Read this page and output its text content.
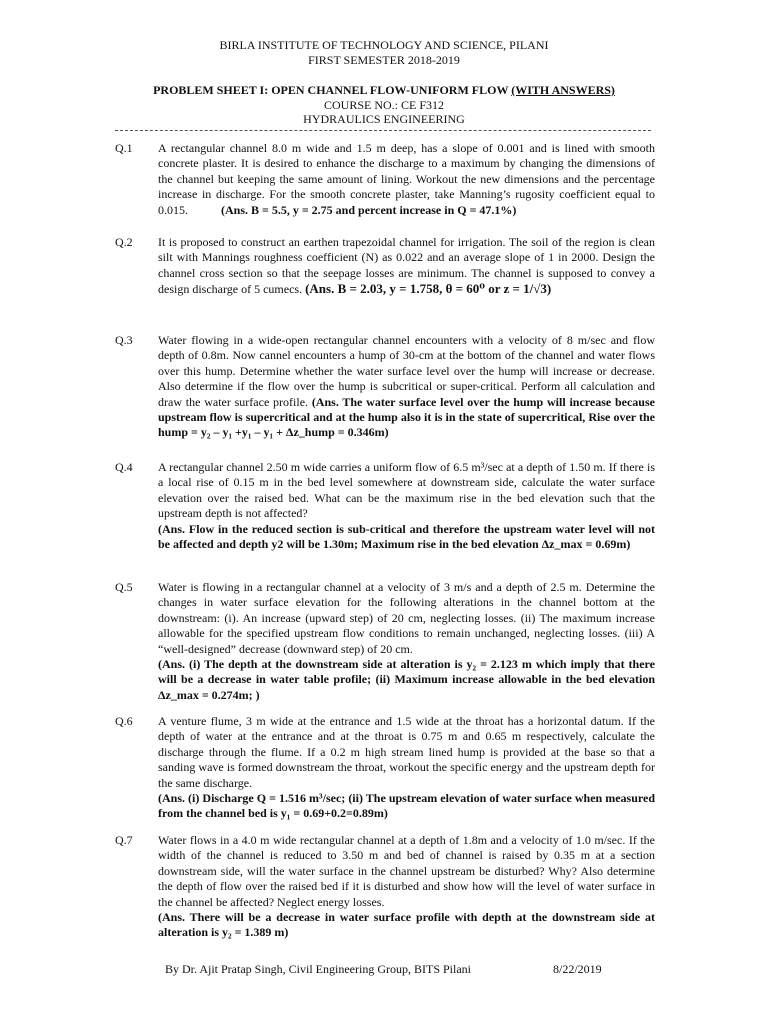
BIRLA INSTITUTE OF TECHNOLOGY AND SCIENCE, PILANI
FIRST SEMESTER 2018-2019
PROBLEM SHEET I: OPEN CHANNEL FLOW-UNIFORM FLOW (WITH ANSWERS)
COURSE NO.: CE F312
HYDRAULICS ENGINEERING
Q.1	A rectangular channel 8.0 m wide and 1.5 m deep, has a slope of 0.001 and is lined with smooth concrete plaster. It is desired to enhance the discharge to a maximum by changing the dimensions of the channel but keeping the same amount of lining. Workout the new dimensions and the percentage increase in discharge. For the smooth concrete plaster, take Manning’s rugosity coefficient equal to 0.015.	(Ans. B = 5.5, y = 2.75 and percent increase in Q = 47.1%)
Q.2	It is proposed to construct an earthen trapezoidal channel for irrigation. The soil of the region is clean silt with Mannings roughness coefficient (N) as 0.022 and an average slope of 1 in 2000. Design the channel cross section so that the seepage losses are minimum. The channel is supposed to convey a design discharge of 5 cumecs. (Ans. B = 2.03, y = 1.758, θ = 60⁰ or z = 1/√3)
Q.3	Water flowing in a wide-open rectangular channel encounters with a velocity of 8 m/sec and flow depth of 0.8m. Now cannel encounters a hump of 30-cm at the bottom of the channel and water flows over this hump. Determine whether the water surface level over the hump will increase or decrease. Also determine if the flow over the hump is subcritical or super-critical. Perform all calculation and draw the water surface profile. (Ans. The water surface level over the hump will increase because upstream flow is supercritical and at the hump also it is in the state of supercritical, Rise over the hump = y₂ – y₁ +y₁ – y₁ + Δz_hump = 0.346m)
Q.4	A rectangular channel 2.50 m wide carries a uniform flow of 6.5 m³/sec at a depth of 1.50 m. If there is a local rise of 0.15 m in the bed level somewhere at downstream side, calculate the water surface elevation over the raised bed. What can be the maximum rise in the bed elevation such that the upstream depth is not affected?
(Ans. Flow in the reduced section is sub-critical and therefore the upstream water level will not be affected and depth y2 will be 1.30m; Maximum rise in the bed elevation Δz_max = 0.69m)
Q.5	Water is flowing in a rectangular channel at a velocity of 3 m/s and a depth of 2.5 m. Determine the changes in water surface elevation for the following alterations in the channel bottom at the downstream: (i). An increase (upward step) of 20 cm, neglecting losses. (ii) The maximum increase allowable for the specified upstream flow conditions to remain unchanged, neglecting losses. (iii) A “well-designed” decrease (downward step) of 20 cm.
(Ans. (i) The depth at the downstream side at alteration is y₂ = 2.123 m which imply that there will be a decrease in water table profile; (ii) Maximum increase allowable in the bed elevation Δz_max = 0.274m; )
Q.6	A venture flume, 3 m wide at the entrance and 1.5 wide at the throat has a horizontal datum. If the depth of water at the entrance and at the throat is 0.75 m and 0.65 m respectively, calculate the discharge through the flume. If a 0.2 m high stream lined hump is provided at the base so that a sanding wave is formed downstream the throat, workout the specific energy and the upstream depth for the same discharge.
(Ans. (i) Discharge Q = 1.516 m³/sec; (ii) The upstream elevation of water surface when measured from the channel bed is y₁ = 0.69+0.2=0.89m)
Q.7	Water flows in a 4.0 m wide rectangular channel at a depth of 1.8m and a velocity of 1.0 m/sec. If the width of the channel is reduced to 3.50 m and bed of channel is raised by 0.35 m at a section downstream side, will the water surface in the channel upstream be disturbed? Why? Also determine the depth of flow over the raised bed if it is disturbed and show how will the level of water surface in the channel be affected? Neglect energy losses.
(Ans. There will be a decrease in water surface profile with depth at the downstream side at alteration is y₂ = 1.389 m)
By Dr. Ajit Pratap Singh, Civil Engineering Group, BITS Pilani	8/22/2019
